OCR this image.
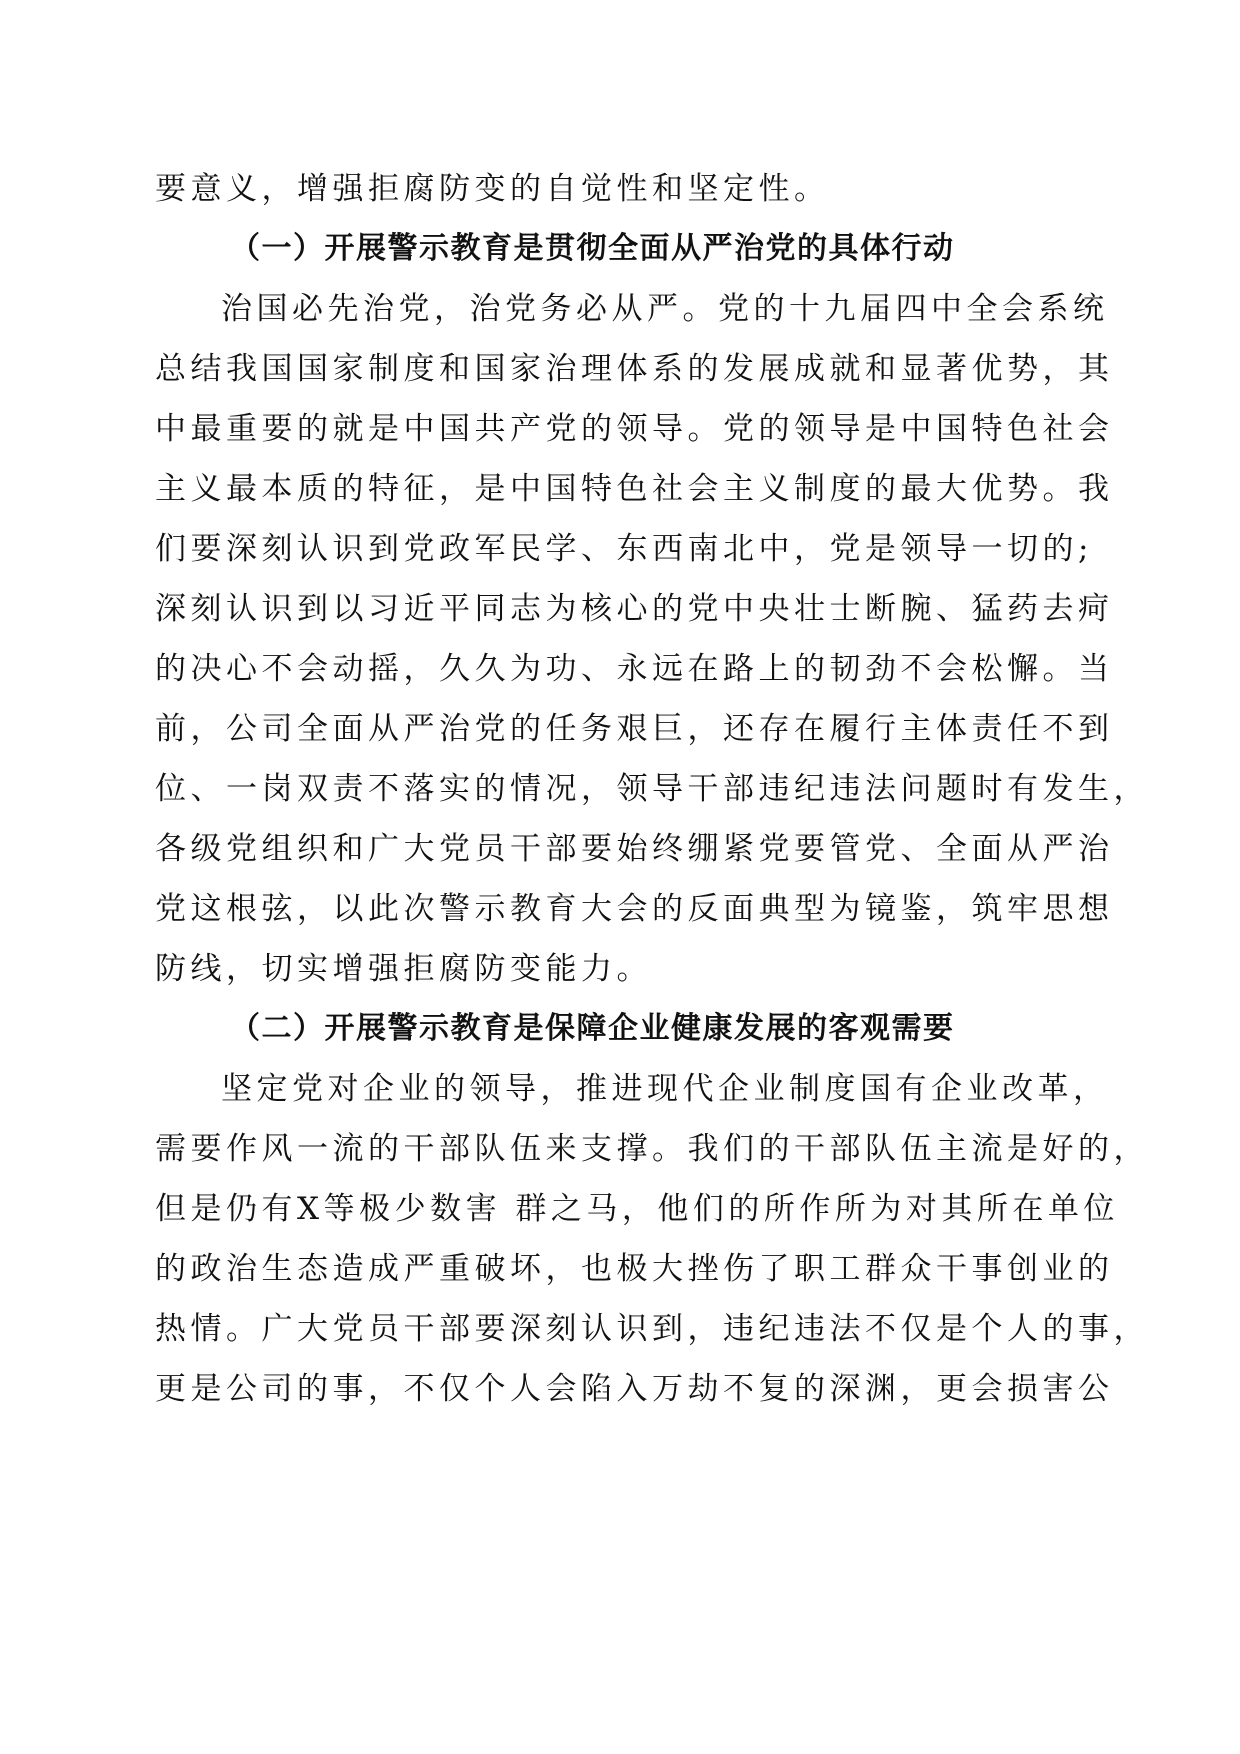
要意义，增强拒腐防变的自觉性和坚定性。
（一）开展警示教育是贯彻全面从严治党的具体行动
治国必先治党，治党务必从严。党的十九届四中全会系统
总结我国国家制度和国家治理体系的发展成就和显著优势，其
中最重要的就是中国共产党的领导。党的领导是中国特色社会
主义最本质的特征，是中国特色社会主义制度的最大优势。我
们要深刻认识到党政军民学、东西南北中，党是领导一切的;
深刻认识到以习近平同志为核心的党中央壮士断腕、猛药去疴
的决心不会动摇，久久为功、永远在路上的韧劲不会松懈。当
前，公司全面从严治党的任务艰巨，还存在履行主体责任不到
位、一岗双责不落实的情况，领导干部违纪违法问题时有发生，
各级党组织和广大党员干部要始终绷紧党要管党、全面从严治
党这根弦，以此次警示教育大会的反面典型为镜鉴，筑牢思想
防线，切实增强拒腐防变能力。
（二）开展警示教育是保障企业健康发展的客观需要
坚定党对企业的领导，推进现代企业制度国有企业改革，
需要作风一流的干部队伍来支撑。我们的干部队伍主流是好的，
但是仍有X等极少数害 群之马，他们的所作所为对其所在单位
的政治生态造成严重破坏，也极大挫伤了职工群众干事创业的
热情。广大党员干部要深刻认识到，违纪违法不仅是个人的事，
更是公司的事，不仅个人会陷入万劫不复的深渊，更会损害公
